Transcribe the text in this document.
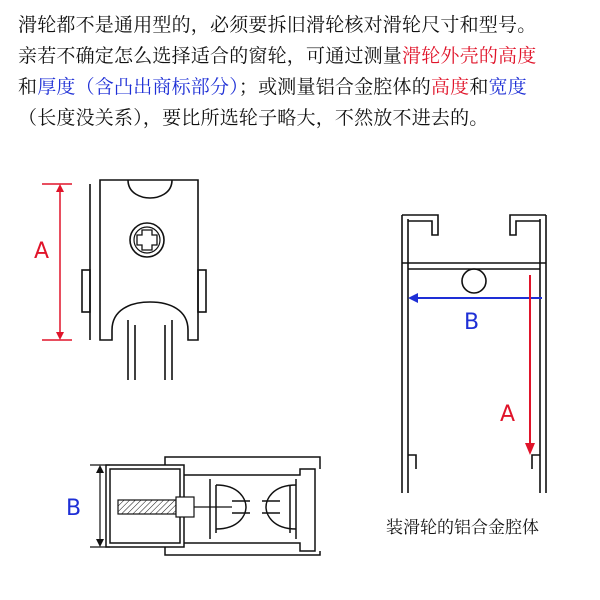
滑轮都不是通用型的，必须要拆旧滑轮核对滑轮尺寸和型号。
亲若不确定怎么选择适合的窗轮，可通过测量滑轮外壳的高度
和厚度（含凸出商标部分）；或测量铝合金腔体的高度和宽度
（长度没关系），要比所选轮子略大，不然放不进去的。
A
B
B
A
装滑轮的铝合金腔体
